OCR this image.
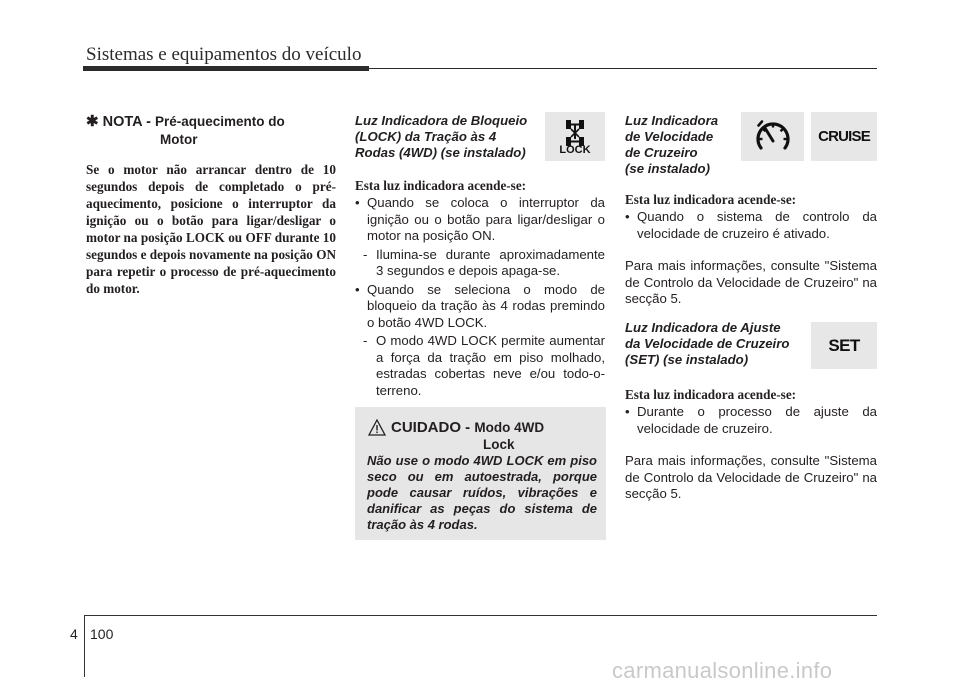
Sistemas e equipamentos do veículo
✱ NOTA - Pré-aquecimento do
Motor
Se o motor não arrancar dentro de 10 segundos depois de completado o pré-aquecimento, posicione o interruptor da ignição ou o botão para ligar/desligar o motor na posição LOCK ou OFF durante 10 segundos e depois novamente na posição ON para repetir o processo de pré-aquecimento do motor.
Luz Indicadora de Bloqueio
(LOCK) da Tração às 4
Rodas (4WD) (se instalado)	LOCK
Esta luz indicadora acende-se:
• Quando se coloca o interruptor da ignição ou o botão para ligar/desligar o motor na posição ON.
- Ilumina-se durante aproximadamente 3 segundos e depois apaga-se.
• Quando se seleciona o modo de bloqueio da tração às 4 rodas premindo o botão 4WD LOCK.
- O modo 4WD LOCK permite aumentar a força da tração em piso molhado, estradas cobertas neve e/ou todo-o-terreno.
CUIDADO - Modo 4WD
Lock
Não use o modo 4WD LOCK em piso seco ou em autoestrada, porque pode causar ruídos, vibrações e danificar as peças do sistema de tração às 4 rodas.
Luz Indicadora
de Velocidade
de Cruzeiro
(se instalado)
CRUISE
Esta luz indicadora acende-se:
• Quando o sistema de controlo da velocidade de cruzeiro é ativado.
Para mais informações, consulte "Sistema de Controlo da Velocidade de Cruzeiro" na secção 5.
Luz Indicadora de Ajuste
da Velocidade de Cruzeiro
(SET) (se instalado)
SET
Esta luz indicadora acende-se:
• Durante o processo de ajuste da velocidade de cruzeiro.
Para mais informações, consulte "Sistema de Controlo da Velocidade de Cruzeiro" na secção 5.
4 100
carmanualsonline.info
